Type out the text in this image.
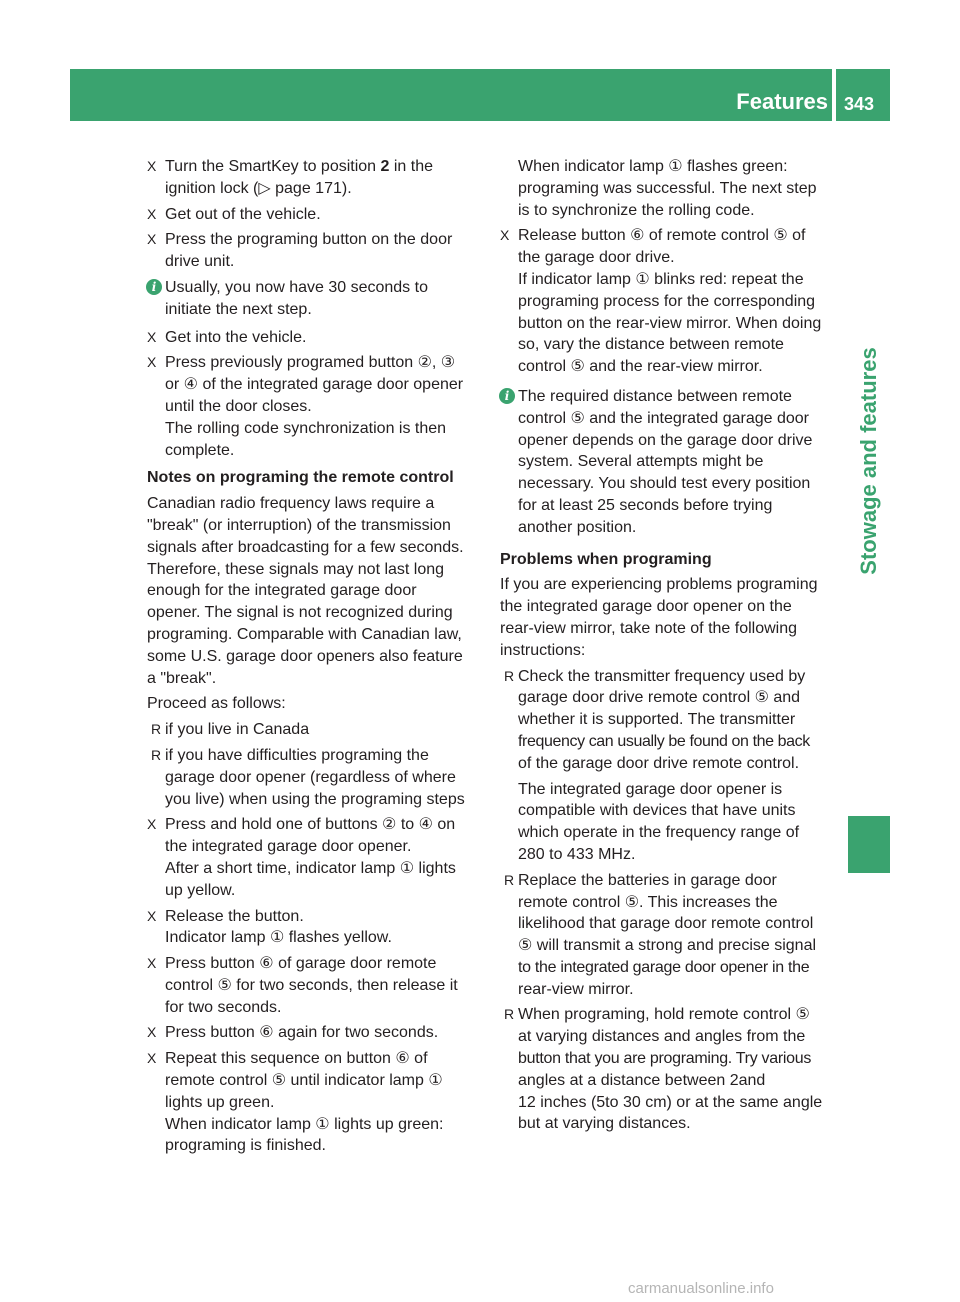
Features 343
Stowage and features
X Turn the SmartKey to position 2 in the
ignition lock (▷ page 171).
X Get out of the vehicle.
X Press the programing button on the door
drive unit.
i Usually, you now have 30 seconds to
initiate the next step.
X Get into the vehicle.
X Press previously programed button ②, ③
or ④ of the integrated garage door opener
until the door closes.
The rolling code synchronization is then
complete.
Notes on programing the remote control
Canadian radio frequency laws require a
"break" (or interruption) of the transmission
signals after broadcasting for a few seconds.
Therefore, these signals may not last long
enough for the integrated garage door
opener. The signal is not recognized during
programing. Comparable with Canadian law,
some U.S. garage door openers also feature
a "break".
Proceed as follows:
R if you live in Canada
R if you have difficulties programing the
garage door opener (regardless of where
you live) when using the programing steps
X Press and hold one of buttons ② to ④ on
the integrated garage door opener.
After a short time, indicator lamp ① lights
up yellow.
X Release the button.
Indicator lamp ① flashes yellow.
X Press button ⑥ of garage door remote
control ⑤ for two seconds, then release it
for two seconds.
X Press button ⑥ again for two seconds.
X Repeat this sequence on button ⑥ of
remote control ⑤ until indicator lamp ①
lights up green.
When indicator lamp ① lights up green:
programing is finished.
When indicator lamp ① flashes green:
programing was successful. The next step
is to synchronize the rolling code.
X Release button ⑥ of remote control ⑤ of
the garage door drive.
If indicator lamp ① blinks red: repeat the
programing process for the corresponding
button on the rear-view mirror. When doing
so, vary the distance between remote
control ⑤ and the rear-view mirror.
i The required distance between remote
control ⑤ and the integrated garage door
opener depends on the garage door drive
system. Several attempts might be
necessary. You should test every position
for at least 25 seconds before trying
another position.
Problems when programing
If you are experiencing problems programing
the integrated garage door opener on the
rear-view mirror, take note of the following
instructions:
R Check the transmitter frequency used by
garage door drive remote control ⑤ and
whether it is supported. The transmitter
frequency can usually be found on the back
of the garage door drive remote control.
The integrated garage door opener is
compatible with devices that have units
which operate in the frequency range of
280 to 433 MHz.
R Replace the batteries in garage door
remote control ⑤. This increases the
likelihood that garage door remote control
⑤ will transmit a strong and precise signal
to the integrated garage door opener in the
rear-view mirror.
R When programing, hold remote control ⑤
at varying distances and angles from the
button that you are programing. Try various
angles at a distance between 2and
12 inches (5to 30 cm) or at the same angle
but at varying distances.
carmanualsonline.info
